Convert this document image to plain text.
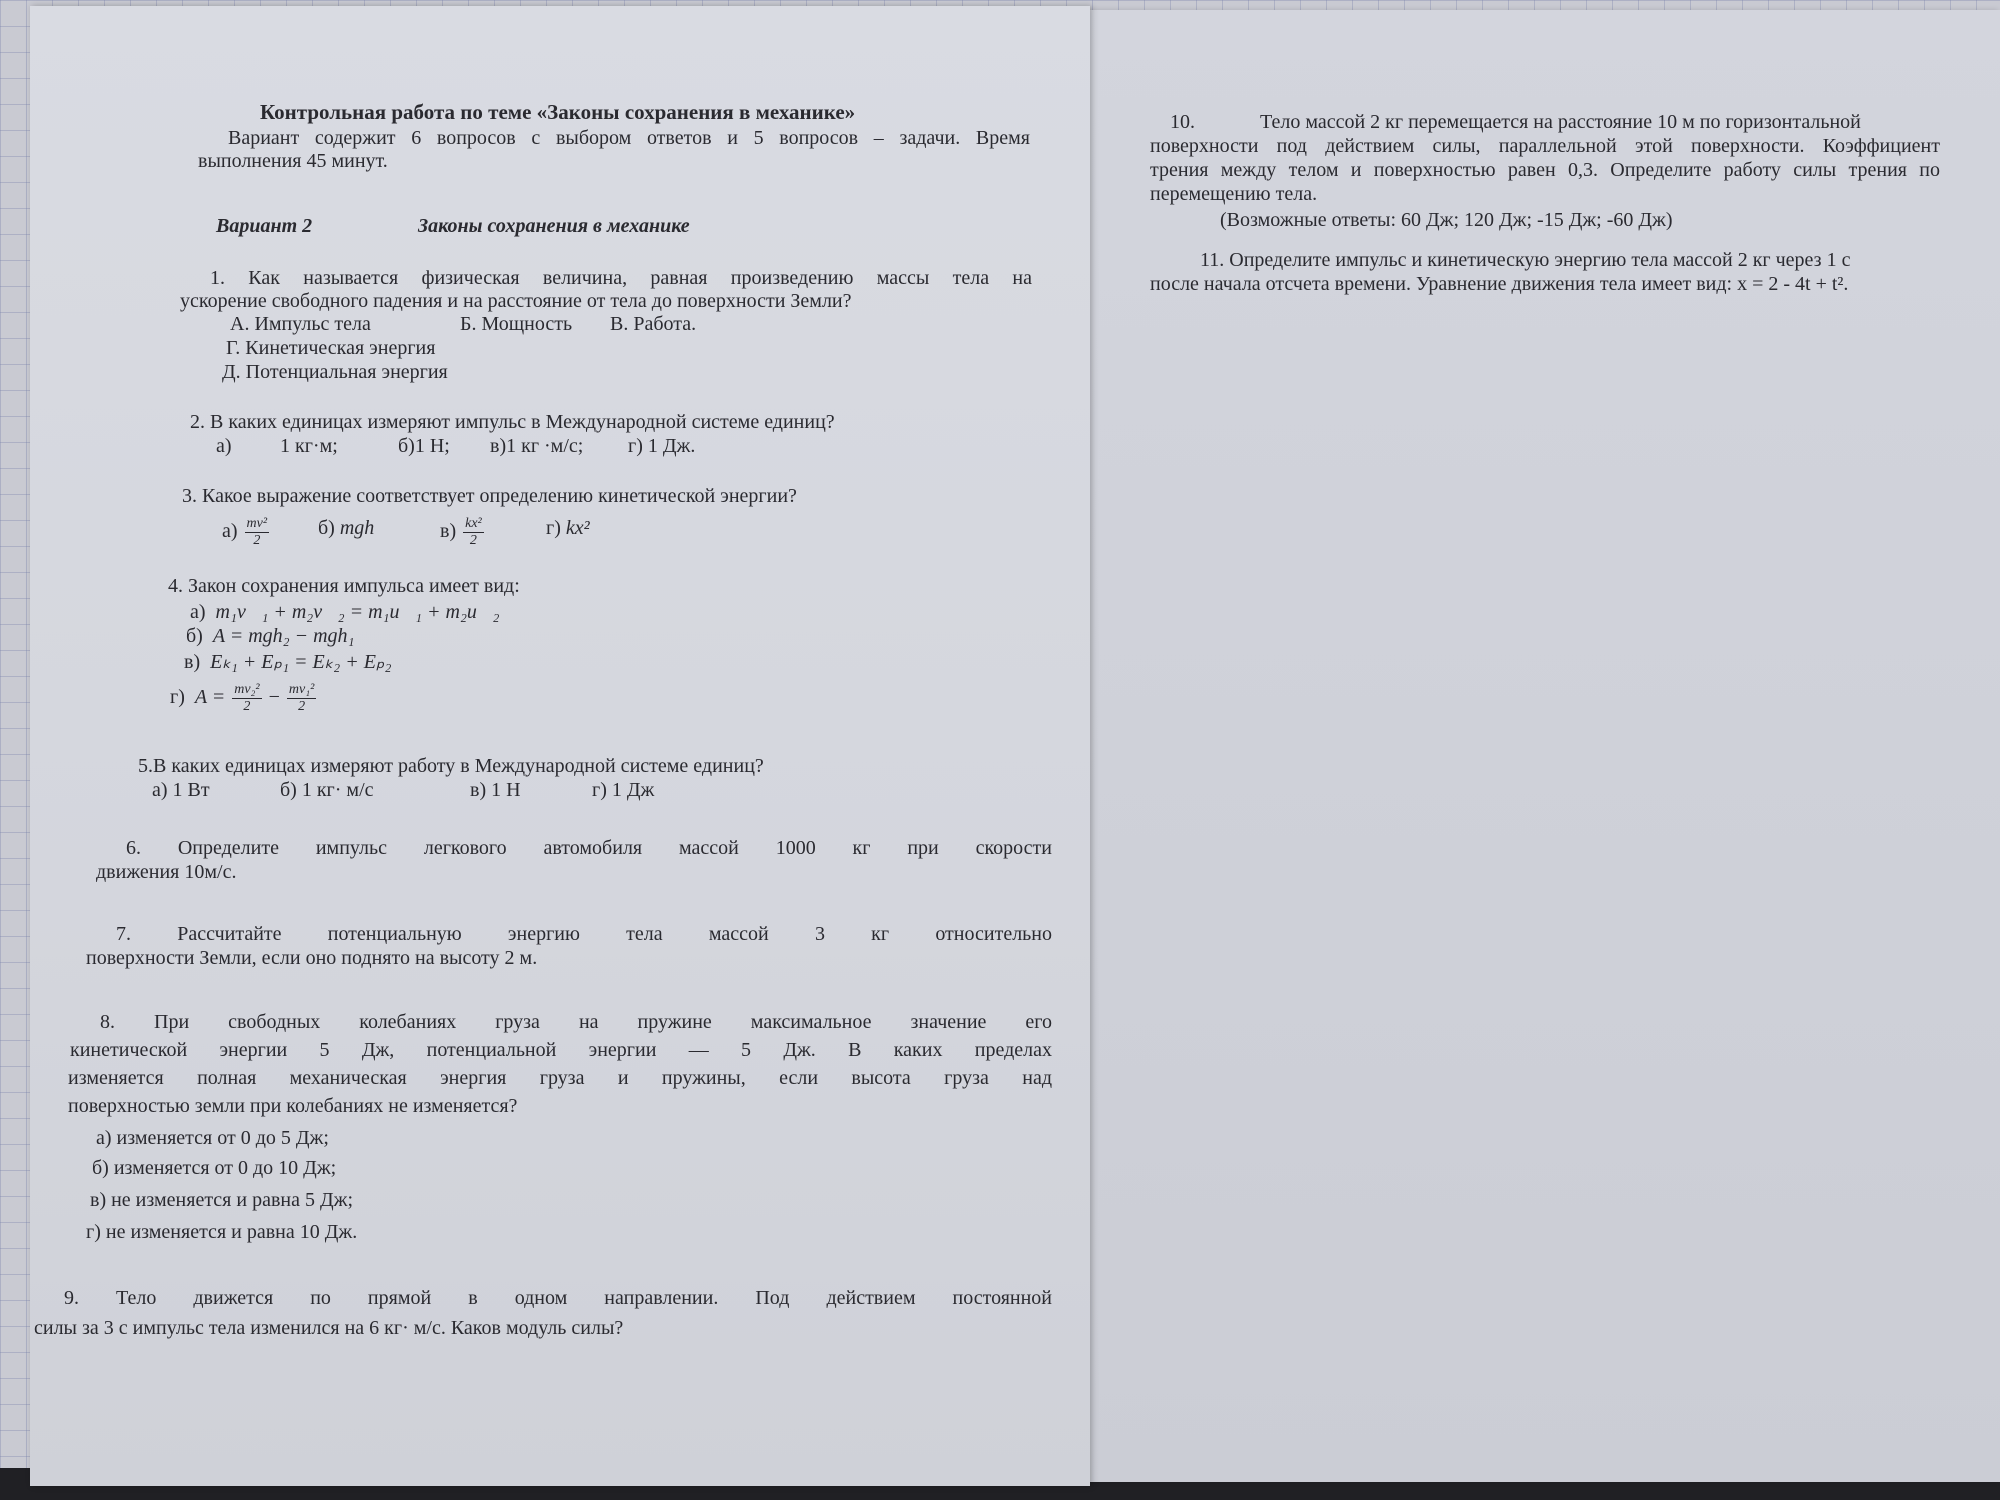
10.	Тело массой 2 кг перемещается на расстояние 10 м по горизонтальной
поверхности под действием силы, параллельной этой поверхности. Коэффициент
трения между телом и поверхностью равен 0,3. Определите работу силы трения по
перемещению тела.
(Возможные ответы: 60 Дж; 120 Дж; -15 Дж; -60 Дж)
11. Определите импульс и кинетическую энергию тела массой 2 кг через 1 с
после начала отсчета времени. Уравнение движения тела имеет вид: x = 2 - 4t + t².
Контрольная работа по теме «Законы сохранения в механике»
Вариант содержит 6 вопросов с выбором ответов и 5 вопросов – задачи. Время
выполнения 45 минут.
Вариант 2	Законы сохранения в механике
1. Как называется физическая величина, равная произведению массы тела на
ускорение свободного падения и на расстояние от тела до поверхности Земли?
А. Импульс тела	Б. Мощность В. Работа.
Г. Кинетическая энергия
Д. Потенциальная энергия
2. В каких единицах измеряют импульс в Международной системе единиц?
а) 1 кг·м;	б)1 Н; в)1 кг ·м/с; г) 1 Дж.
3. Какое выражение соответствует определению кинетической энергии?
$а) \frac{\text{mv²}}{2} б$) mgh	$в) \frac{\text{kx²}}{2}$	г) kx²
4. Закон сохранения импульса имеет вид:
а) m₁v⃗₁ + m₂v⃗₂ = m₁u⃗₁ + m₂u⃗₂
б) A = mgh₂ − mgh₁
в) Eₖ₁ + Eₚ₁ = Eₖ₂ + Eₚ₂
г) $A = \frac{\text{mv₂²}}{2} - \frac{\text{mv₁²}}{2}$
5.В каких единицах измеряют работу в Международной системе единиц?
а) 1 Вт	б) 1 кг· м/с	в) 1 Н	г) 1 Дж
6. Определите импульс легкового автомобиля массой 1000 кг при скорости
движения 10м/с.
7. Рассчитайте потенциальную энергию тела массой 3 кг относительно
поверхности Земли, если оно поднято на высоту 2 м.
8. При свободных колебаниях груза на пружине максимальное значение его
кинетической энергии 5 Дж, потенциальной энергии — 5 Дж. В каких пределах
изменяется полная механическая энергия груза и пружины, если высота груза над
поверхностью земли при колебаниях не изменяется?
а) изменяется от 0 до 5 Дж;
б) изменяется от 0 до 10 Дж;
в) не изменяется и равна 5 Дж;
г) не изменяется и равна 10 Дж.
9. Тело движется по прямой в одном направлении. Под действием постоянной
силы за 3 с импульс тела изменился на 6 кг· м/с. Каков модуль силы?
